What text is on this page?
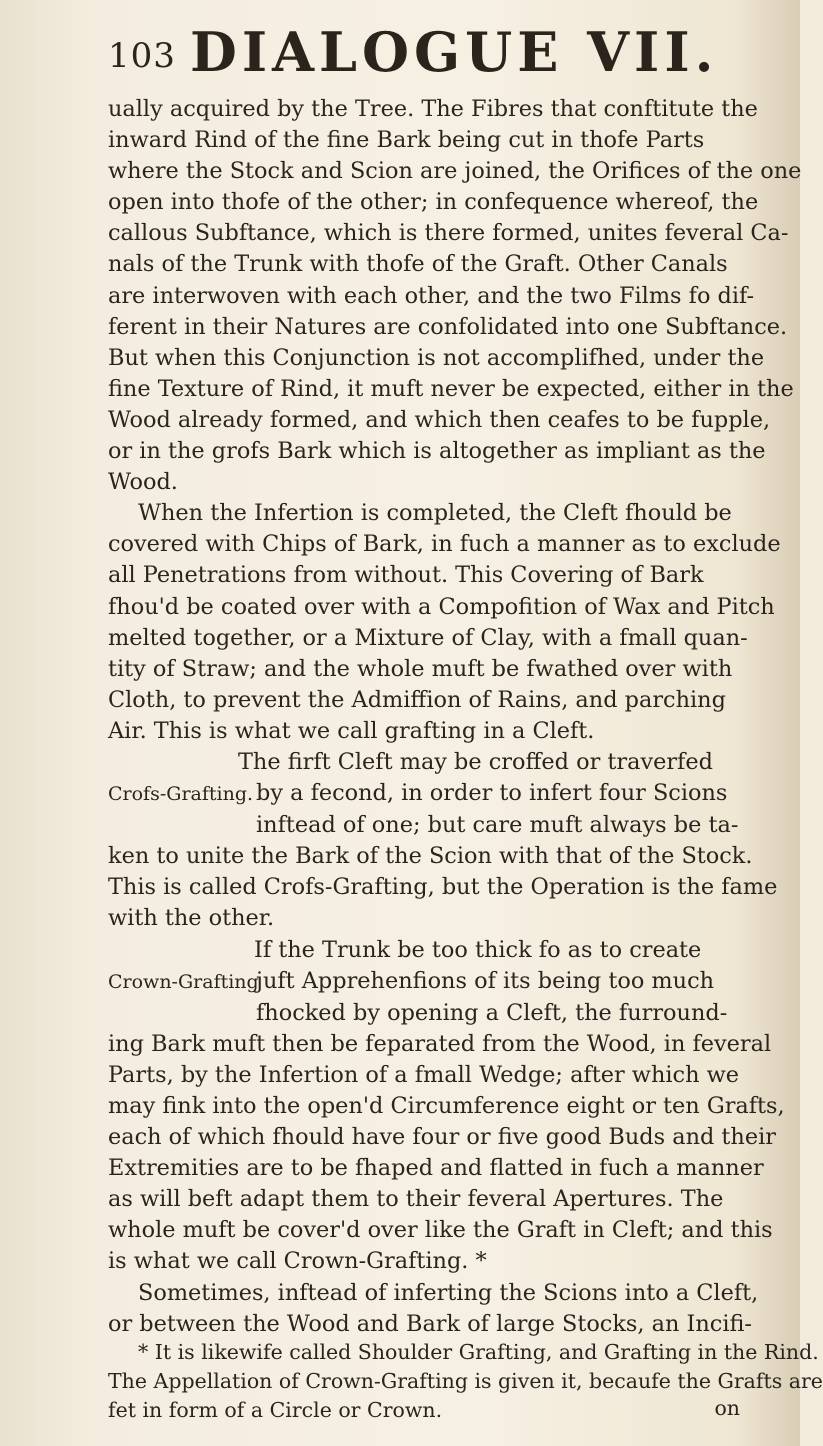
103 DIALOGUE VII.
ually acquired by the Tree. The Fibres that conftitute the
inward Rind of the fine Bark being cut in thofe Parts
where the Stock and Scion are joined, the Orifices of the one
open into thofe of the other; in confequence whereof, the
callous Subftance, which is there formed, unites feveral Ca-
nals of the Trunk with thofe of the Graft. Other Canals
are interwoven with each other, and the two Films fo dif-
ferent in their Natures are confolidated into one Subftance.
But when this Conjunction is not accomplifhed, under the
fine Texture of Rind, it muft never be expected, either in the
Wood already formed, and which then ceafes to be fupple,
or in the grofs Bark which is altogether as impliant as the
Wood.
When the Infertion is completed, the Cleft fhould be
covered with Chips of Bark, in fuch a manner as to exclude
all Penetrations from without. This Covering of Bark
fhou'd be coated over with a Compofition of Wax and Pitch
melted together, or a Mixture of Clay, with a fmall quan-
tity of Straw; and the whole muft be fwathed over with
Cloth, to prevent the Admiffion of Rains, and parching
Air. This is what we call grafting in a Cleft.
The firft Cleft may be croffed or traverfed
Crofs-Grafting. by a fecond, in order to infert four Scions
inftead of one; but care muft always be ta-
ken to unite the Bark of the Scion with that of the Stock.
This is called Crofs-Grafting, but the Operation is the fame
with the other.
If the Trunk be too thick fo as to create
Crown-Graftingjuft Apprehenfions of its being too much
fhocked by opening a Cleft, the furround-
ing Bark muft then be feparated from the Wood, in feveral
Parts, by the Infertion of a fmall Wedge; after which we
may fink into the open'd Circumference eight or ten Grafts,
each of which fhould have four or five good Buds and their
Extremities are to be fhaped and flatted in fuch a manner
as will beft adapt them to their feveral Apertures. The
whole muft be cover'd over like the Graft in Cleft; and this
is what we call Crown-Grafting. *
Sometimes, inftead of inferting the Scions into a Cleft,
or between the Wood and Bark of large Stocks, an Incifi-
* It is likewife called Shoulder Grafting, and Grafting in the Rind.
The Appellation of Crown-Grafting is given it, becaufe the Grafts are
fet in form of a Circle or Crown.	on
